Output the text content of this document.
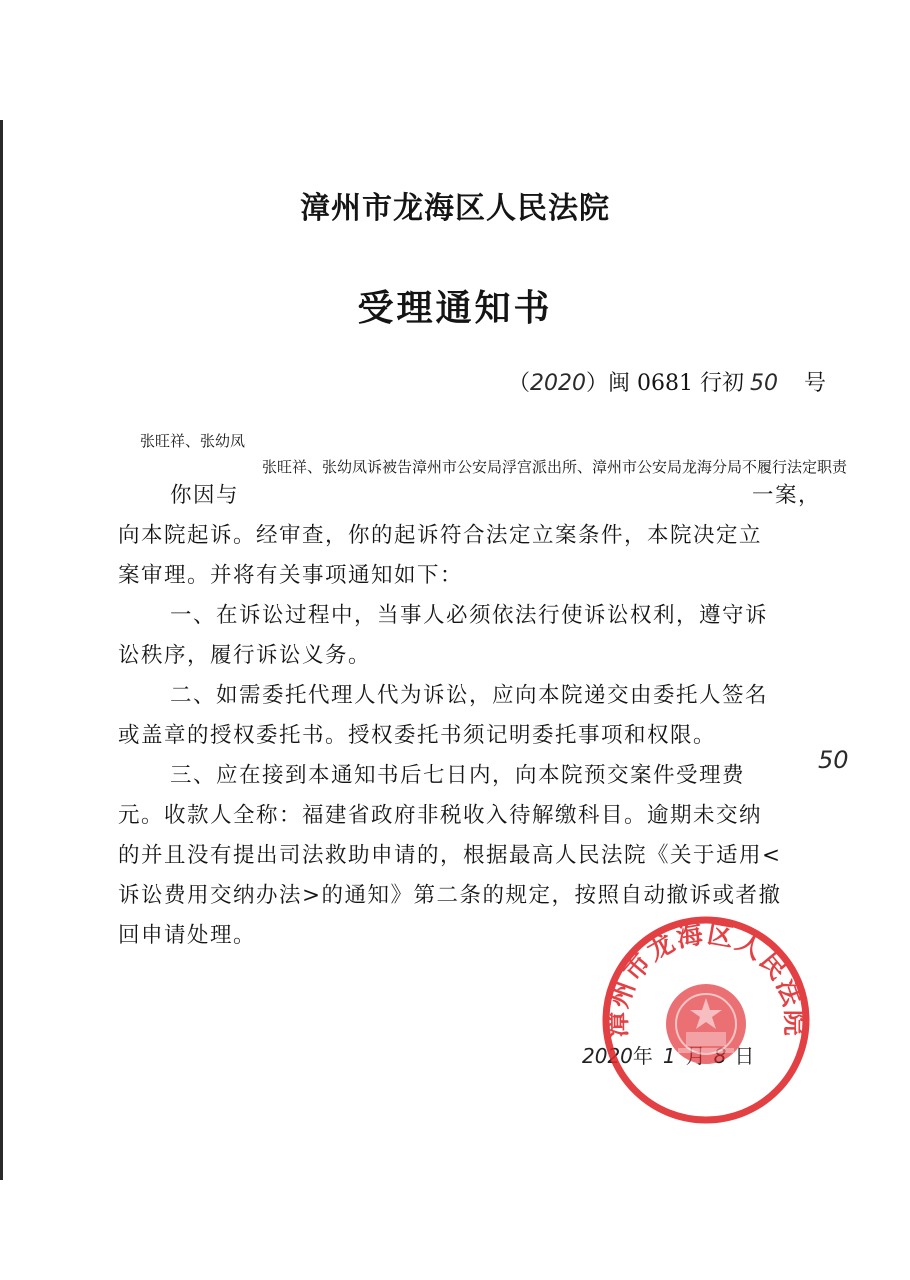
漳州市龙海区人民法院
受理通知书
（2020）闽 0681 行初 50 号
张旺祥、张幼凤
张旺祥、张幼凤诉被告漳州市公安局浮宫派出所、漳州市公安局龙海分局不履行法定职责
你因与	一案，
向本院起诉。经审查，你的起诉符合法定立案条件，本院决定立
案审理。并将有关事项通知如下：
一、在诉讼过程中，当事人必须依法行使诉讼权利，遵守诉
讼秩序，履行诉讼义务。
二、如需委托代理人代为诉讼，应向本院递交由委托人签名
或盖章的授权委托书。授权委托书须记明委托事项和权限。
三、应在接到本通知书后七日内，向本院预交案件受理费
50
元。收款人全称：福建省政府非税收入待解缴科目。逾期未交纳
的并且没有提出司法救助申请的，根据最高人民法院《关于适用<
诉讼费用交纳办法>的通知》第二条的规定，按照自动撤诉或者撤
回申请处理。
2020年 1	日
漳州市龙海区人民法院
